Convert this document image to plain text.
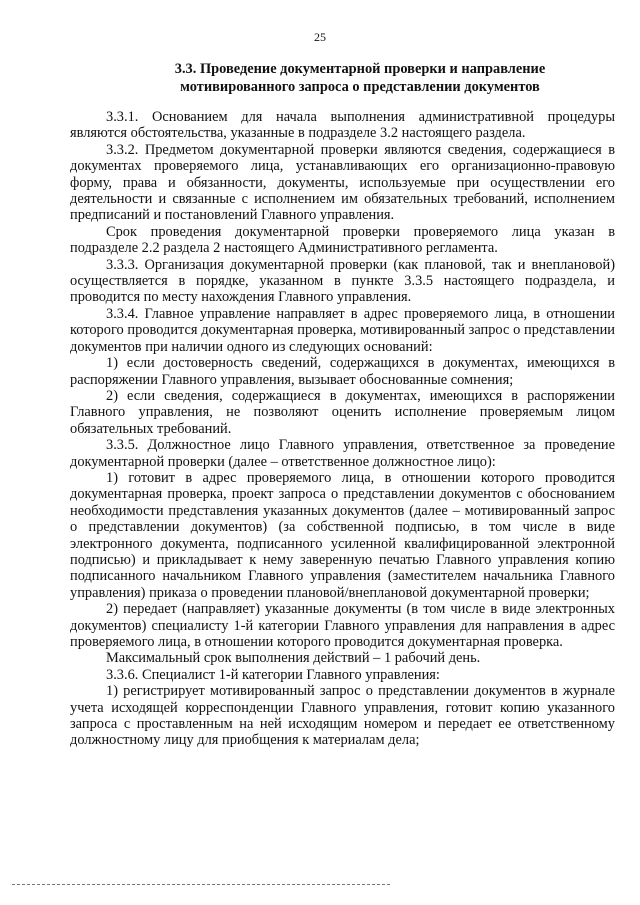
25
3.3. Проведение документарной проверки и направление мотивированного запроса о представлении документов

3.3.1. Основанием для начала выполнения административной процедуры являются обстоятельства, указанные в подразделе 3.2 настоящего раздела.

3.3.2. Предметом документарной проверки являются сведения, содержащиеся в документах проверяемого лица, устанавливающих его организационно-правовую форму, права и обязанности, документы, используемые при осуществлении его деятельности и связанные с исполнением им обязательных требований, исполнением предписаний и постановлений Главного управления.

Срок проведения документарной проверки проверяемого лица указан в подразделе 2.2 раздела 2 настоящего Административного регламента.

3.3.3. Организация документарной проверки (как плановой, так и внеплановой) осуществляется в порядке, указанном в пункте 3.3.5 настоящего подраздела, и проводится по месту нахождения Главного управления.

3.3.4. Главное управление направляет в адрес проверяемого лица, в отношении которого проводится документарная проверка, мотивированный запрос о представлении документов при наличии одного из следующих оснований:

1) если достоверность сведений, содержащихся в документах, имеющихся в распоряжении Главного управления, вызывает обоснованные сомнения;

2) если сведения, содержащиеся в документах, имеющихся в распоряжении Главного управления, не позволяют оценить исполнение проверяемым лицом обязательных требований.

3.3.5. Должностное лицо Главного управления, ответственное за проведение документарной проверки (далее – ответственное должностное лицо):

1) готовит в адрес проверяемого лица, в отношении которого проводится документарная проверка, проект запроса о представлении документов с обоснованием необходимости представления указанных документов (далее – мотивированный запрос о представлении документов) (за собственной подписью, в том числе в виде электронного документа, подписанного усиленной квалифицированной электронной подписью) и прикладывает к нему заверенную печатью Главного управления копию подписанного начальником Главного управления (заместителем начальника Главного управления) приказа о проведении плановой/внеплановой документарной проверки;

2) передает (направляет) указанные документы (в том числе в виде электронных документов) специалисту 1-й категории Главного управления для направления в адрес проверяемого лица, в отношении которого проводится документарная проверка.

Максимальный срок выполнения действий – 1 рабочий день.

3.3.6. Специалист 1-й категории Главного управления:

1) регистрирует мотивированный запрос о представлении документов в журнале учета исходящей корреспонденции Главного управления, готовит копию указанного запроса с проставленным на ней исходящим номером и передает ее ответственному должностному лицу для приобщения к материалам дела;
